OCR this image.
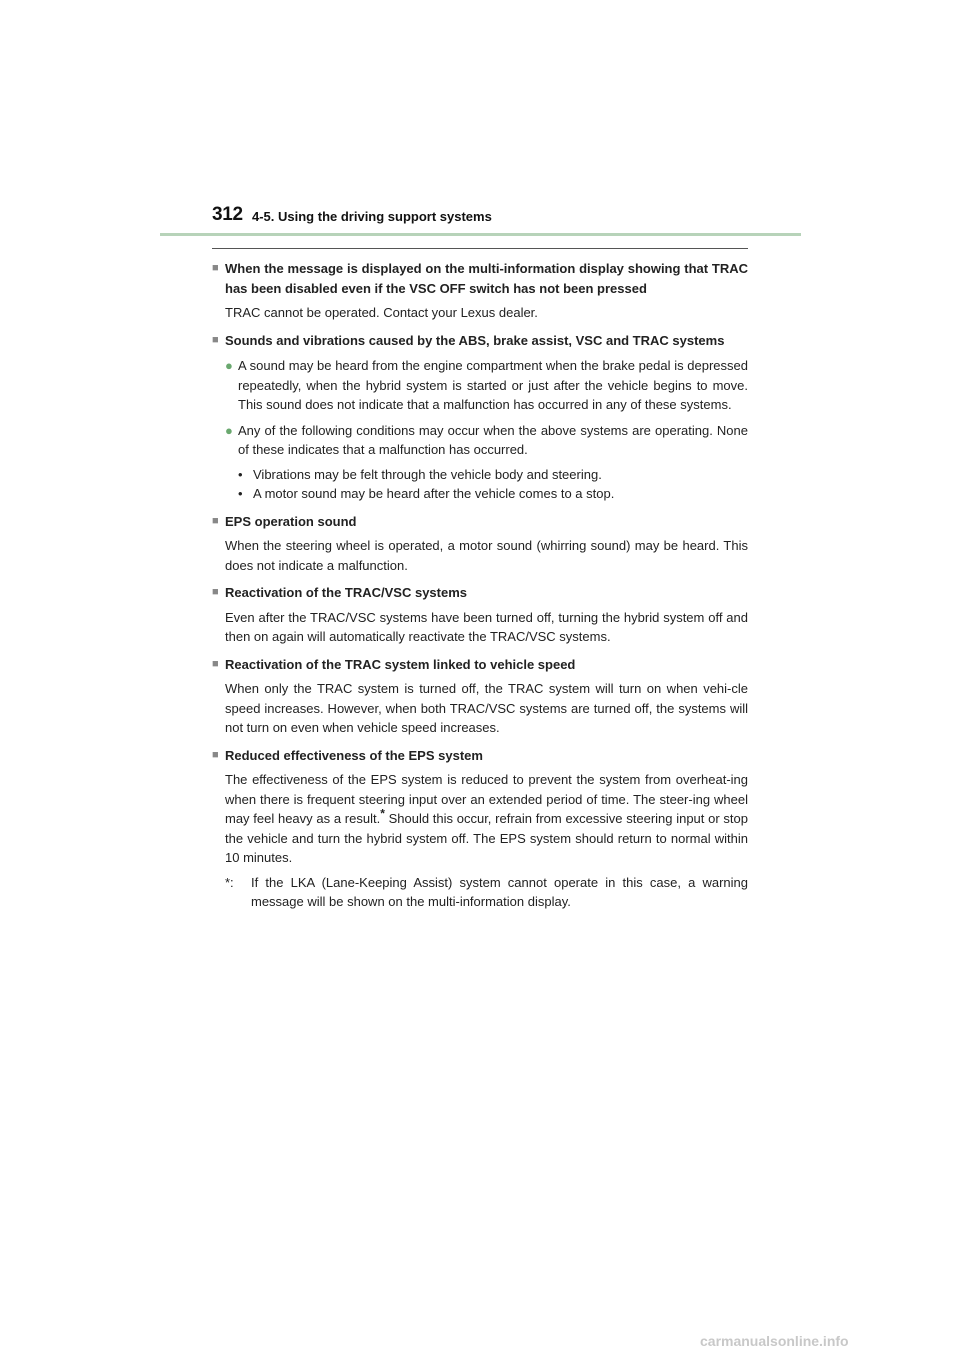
312 4-5. Using the driving support systems
■ When the message is displayed on the multi-information display showing that TRAC has been disabled even if the VSC OFF switch has not been pressed
TRAC cannot be operated. Contact your Lexus dealer.
■ Sounds and vibrations caused by the ABS, brake assist, VSC and TRAC systems
● A sound may be heard from the engine compartment when the brake pedal is depressed repeatedly, when the hybrid system is started or just after the vehicle begins to move. This sound does not indicate that a malfunction has occurred in any of these systems.
● Any of the following conditions may occur when the above systems are operating. None of these indicates that a malfunction has occurred.
• Vibrations may be felt through the vehicle body and steering.
• A motor sound may be heard after the vehicle comes to a stop.
■ EPS operation sound
When the steering wheel is operated, a motor sound (whirring sound) may be heard. This does not indicate a malfunction.
■ Reactivation of the TRAC/VSC systems
Even after the TRAC/VSC systems have been turned off, turning the hybrid system off and then on again will automatically reactivate the TRAC/VSC systems.
■ Reactivation of the TRAC system linked to vehicle speed
When only the TRAC system is turned off, the TRAC system will turn on when vehi-cle speed increases. However, when both TRAC/VSC systems are turned off, the systems will not turn on even when vehicle speed increases.
■ Reduced effectiveness of the EPS system
The effectiveness of the EPS system is reduced to prevent the system from overheat-ing when there is frequent steering input over an extended period of time. The steer-ing wheel may feel heavy as a result.* Should this occur, refrain from excessive steering input or stop the vehicle and turn the hybrid system off. The EPS system should return to normal within 10 minutes.
*:	If the LKA (Lane-Keeping Assist) system cannot operate in this case, a warning message will be shown on the multi-information display.
carmanualsonline.info
